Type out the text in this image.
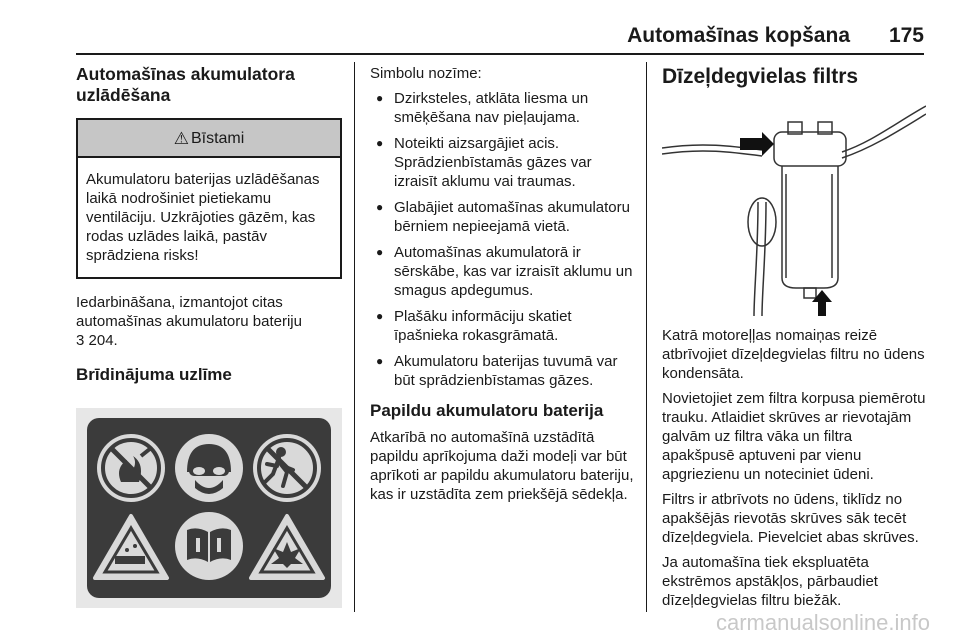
Automašīnas kopšana 175
Automašīnas akumulatora uzlādēšana
⚠ Bīstami
Akumulatoru baterijas uzlādēšanas laikā nodrošiniet pietiekamu ventilāciju. Uzkrājoties gāzēm, kas rodas uzlādes laikā, pastāv sprādziena risks!

Iedarbināšana, izmantojot citas automašīnas akumulatoru bateriju
3 204.

Brīdinājuma uzlīme

Simbolu nozīme:

● Dzirksteles, atklāta liesma un smēķēšana nav pieļaujama.
● Noteikti aizsargājiet acis. Sprādzienbīstamās gāzes var izraisīt aklumu vai traumas.
● Glabājiet automašīnas akumulatoru bērniem nepieejamā vietā.
● Automašīnas akumulatorā ir sērskābe, kas var izraisīt aklumu un smagus apdegumus.
● Plašāku informāciju skatiet īpašnieka rokasgrāmatā.
● Akumulatoru baterijas tuvumā var būt sprādzienbīstamas gāzes.
Papildu akumulatoru baterija

Atkarībā no automašīnā uzstādītā papildu aprīkojuma daži modeļi var būt aprīkoti ar papildu akumulatoru bateriju, kas ir uzstādīta zem priekšējā sēdekļa.

Dīzeļdegvielas filtrs

Katrā motoreļļas nomaiņas reizē atbrīvojiet dīzeļdegvielas filtru no ūdens kondensāta.

Novietojiet zem filtra korpusa piemērotu trauku. Atlaidiet skrūves ar rievotajām galvām uz filtra vāka un filtra apakšpusē aptuveni par vienu apgriezienu un noteciniet ūdeni.

Filtrs ir atbrīvots no ūdens, tiklīdz no apakšējās rievotās skrūves sāk tecēt dīzeļdegviela. Pievelciet abas skrūves.

Ja automašīna tiek ekspluatēta ekstrēmos apstākļos, pārbaudiet dīzeļdegvielas filtru biežāk.

carmanualsonline.info
